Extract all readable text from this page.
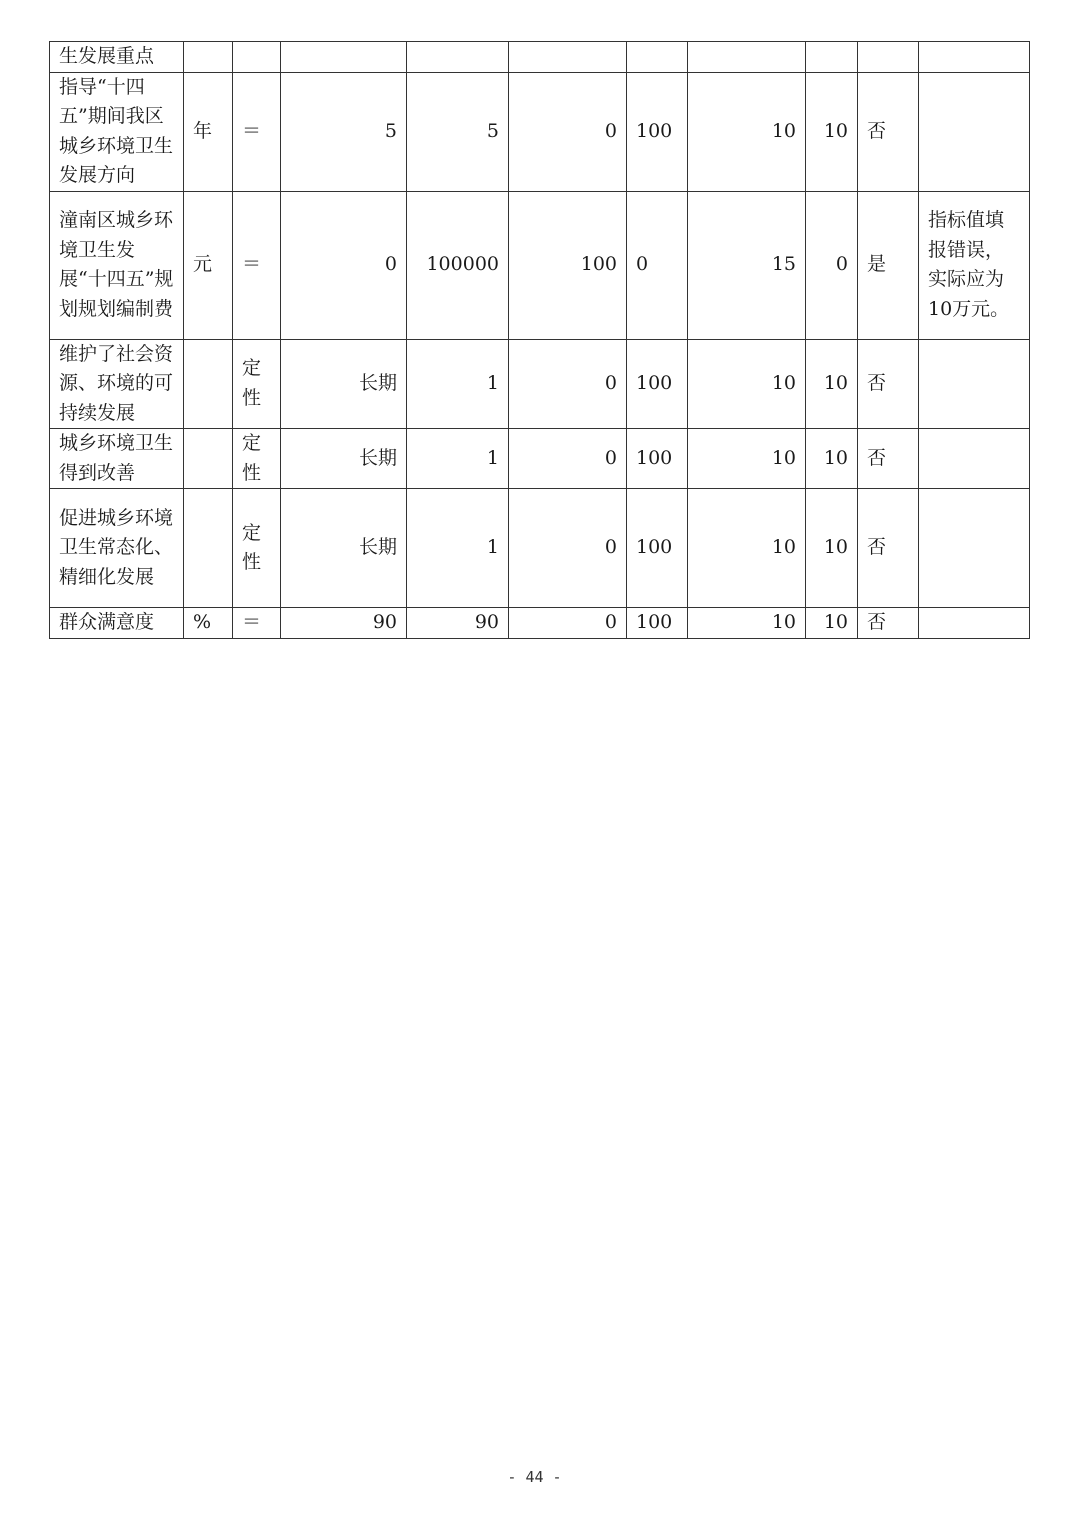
生发展重点										
指导“十四五”期间我区城乡环境卫生发展方向	年	＝	5	5	0	100	10	10	否	
潼南区城乡环境卫生发展“十四五”规划规划编制费	元	＝	0	100000	100	0	15	0	是	指标值填报错误，实际应为10万元。
维护了社会资源、环境的可持续发展		定性	长期	1	0	100	10	10	否	
城乡环境卫生得到改善		定性	长期	1	0	100	10	10	否	
促进城乡环境卫生常态化、精细化发展		定性	长期	1	0	100	10	10	否	
群众满意度	%	＝	90	90	0	100	10	10	否	
- 44 -
